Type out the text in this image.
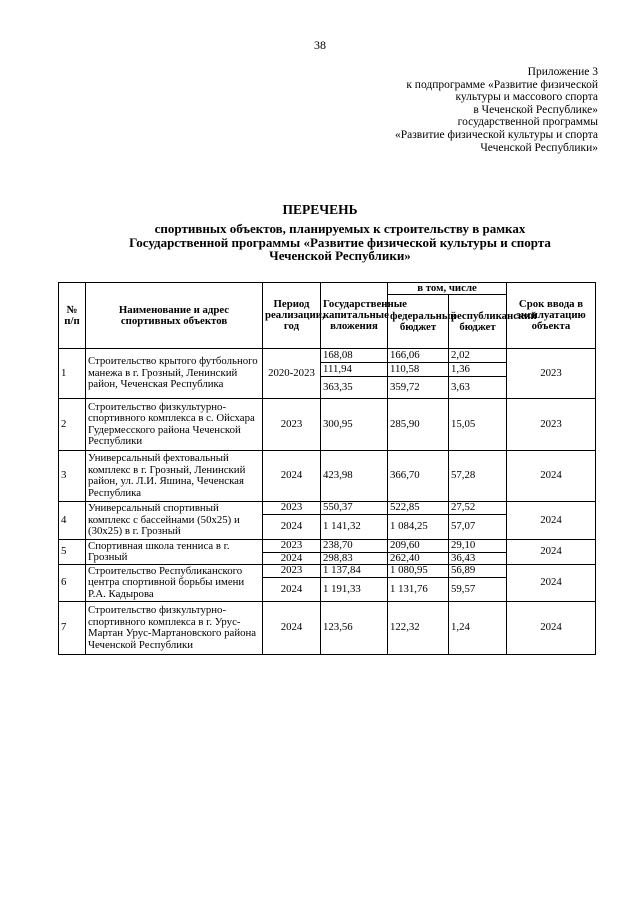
38
Приложение 3
к подпрограмме «Развитие физической
культуры и массового спорта
в Чеченской Республике»
государственной программы
«Развитие физической культуры и спорта
Чеченской Республики»
ПЕРЕЧЕНЬ
спортивных объектов, планируемых к строительству в рамках
Государственной программы «Развитие физической культуры и спорта
Чеченской Республики»
№ п/п	Наименование и адрес спортивных объектов	Период реализации, год	Государственные капитальные вложения	в том, числе		Срок ввода в эксплуатацию объекта
				федеральный бюджет	республиканский бюджет	
1	Строительство крытого футбольного манежа в г. Грозный, Ленинский район, Чеченская Республика	2020-2023	168,08	166,06	2,02	2023
			111,94	110,58	1,36	
			363,35	359,72	3,63	
2	Строительство физкультурно-спортивного комплекса в с. Ойсхара Гудермесского района Чеченской Республики	2023	300,95	285,90	15,05	2023
3	Универсальный фехтовальный комплекс в г. Грозный, Ленинский район, ул. Л.И. Яшина, Чеченская Республика	2024	423,98	366,70	57,28	2024
4	Универсальный спортивный комплекс с бассейнами (50х25) и (30х25) в г. Грозный	2023	550,37	522,85	27,52	2024
		2024	1 141,32	1 084,25	57,07	
5	Спортивная школа тенниса в г. Грозный	2023	238,70	209,60	29,10	2024
		2024	298,83	262,40	36,43	
6	Строительство Республиканского центра спортивной борьбы имени Р.А. Кадырова	2023	1 137,84	1 080,95	56,89	2024
		2024	1 191,33	1 131,76	59,57	
7	Строительство физкультурно-спортивного комплекса в г. Урус-Мартан Урус-Мартановского района Чеченской Республики	2024	123,56	122,32	1,24	2024
